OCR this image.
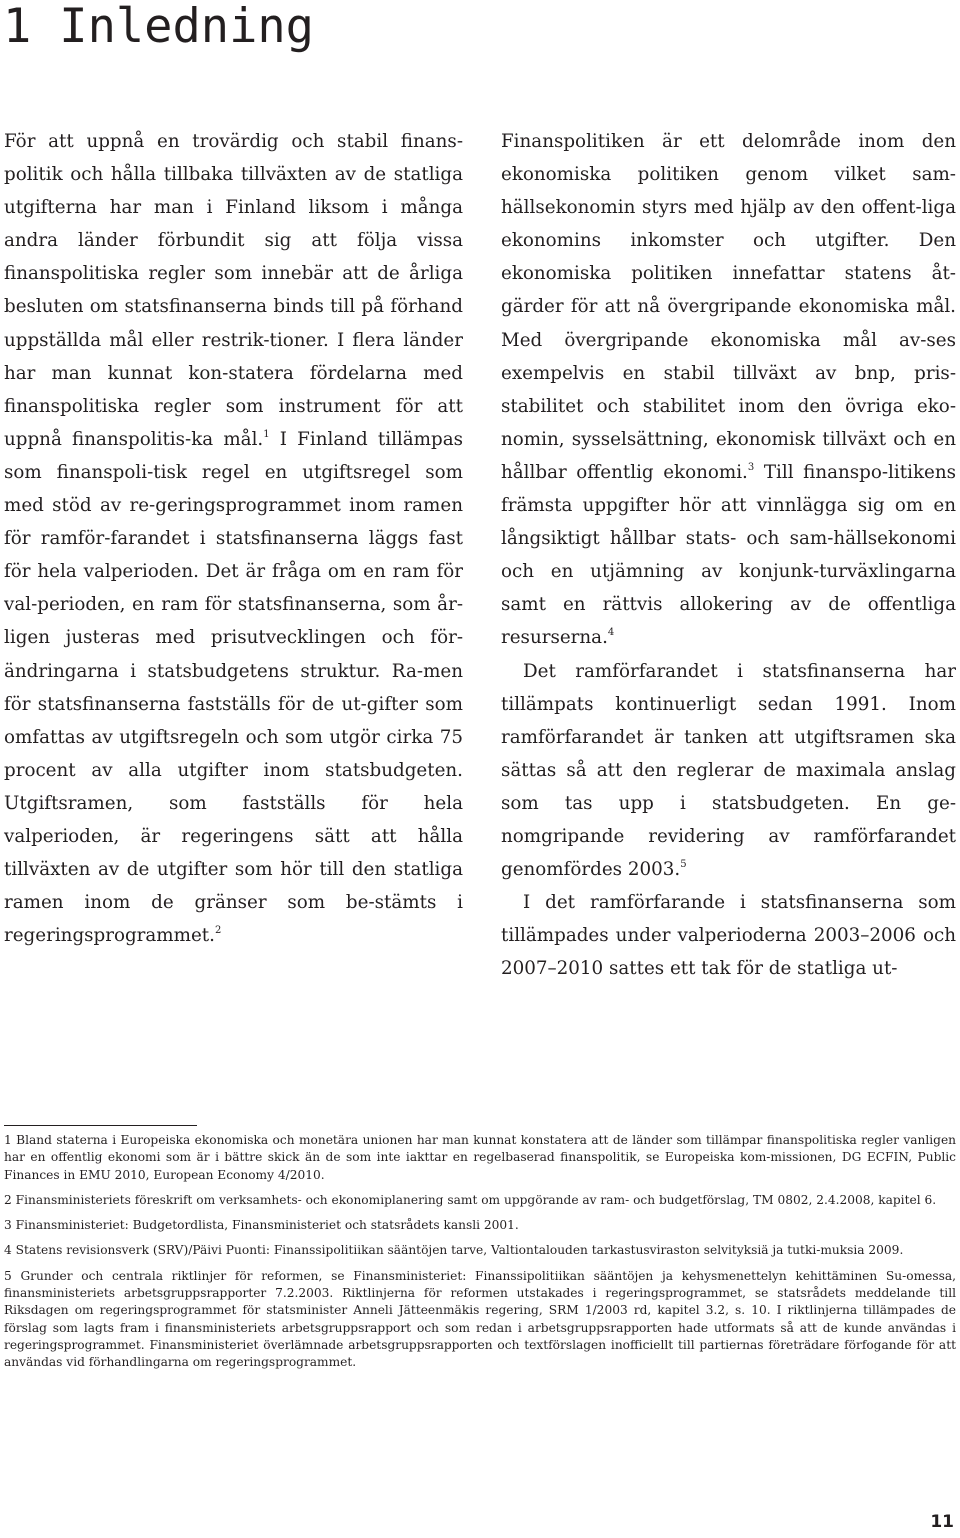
1 Inledning

För att uppnå en trovärdig och stabil finans-politik och hålla tillbaka tillväxten av de statliga utgifterna har man i Finland liksom i många andra länder förbundit sig att följa vissa finanspolitiska regler som innebär att de årliga besluten om statsfinanserna binds till på förhand uppställda mål eller restrik-tioner. I flera länder har man kunnat kon-statera fördelarna med finanspolitiska regler som instrument för att uppnå finanspolitis-ka mål.$^1$ I Finland tillämpas som finanspoli-tisk regel en utgiftsregel som med stöd av re-geringsprogrammet inom ramen för ramför-farandet i statsfinanserna läggs fast för hela valperioden. Det är fråga om en ram för val-perioden, en ram för statsfinanserna, som år-ligen justeras med prisutvecklingen och för-ändringarna i statsbudgetens struktur. Ra-men för statsfinanserna fastställs för de ut-gifter som omfattas av utgiftsregeln och som utgör cirka 75 procent av alla utgifter inom statsbudgeten. Utgiftsramen, som fastställs för hela valperioden, är regeringens sätt att hålla tillväxten av de utgifter som hör till den statliga ramen inom de gränser som be-stämts i regeringsprogrammet.$^2$

Finanspolitiken är ett delområde inom den ekonomiska politiken genom vilket sam-hällsekonomin styrs med hjälp av den offent-liga ekonomins inkomster och utgifter. Den ekonomiska politiken innefattar statens åt-gärder för att nå övergripande ekonomiska mål. Med övergripande ekonomiska mål av-ses exempelvis en stabil tillväxt av bnp, pris-stabilitet och stabilitet inom den övriga eko-nomin, sysselsättning, ekonomisk tillväxt och en hållbar offentlig ekonomi.$^3$ Till finanspo-litikens främsta uppgifter hör att vinnlägga sig om en långsiktigt hållbar stats- och sam-hällsekonomi och en utjämning av konjunk-turväxlingarna samt en rättvis allokering av de offentliga resurserna.$^4$

Det ramförfarandet i statsfinanserna har tillämpats kontinuerligt sedan 1991. Inom ramförfarandet är tanken att utgiftsramen ska sättas så att den reglerar de maximala anslag som tas upp i statsbudgeten. En ge-nomgripande revidering av ramförfarandet genomfördes 2003.$^5$

I det ramförfarande i statsfinanserna som tillämpades under valperioderna 2003–2006 och 2007–2010 sattes ett tak för de statliga ut-

1 Bland staterna i Europeiska ekonomiska och monetära unionen har man kunnat konstatera att de länder som tillämpar finanspolitiska regler vanligen har en offentlig ekonomi som är i bättre skick än de som inte iakttar en regelbaserad finanspolitik, se Europeiska kom-missionen, DG ECFIN, Public Finances in EMU 2010, European Economy 4/2010.

2 Finansministeriets föreskrift om verksamhets- och ekonomiplanering samt om uppgörande av ram- och budgetförslag, TM 0802, 2.4.2008, kapitel 6.

3 Finansministeriet: Budgetordlista, Finansministeriet och statsrådets kansli 2001.

4 Statens revisionsverk (SRV)/Päivi Puonti: Finanssipolitiikan sääntöjen tarve, Valtiontalouden tarkastusviraston selvityksiä ja tutki-muksia 2009.

5 Grunder och centrala riktlinjer för reformen, se Finansministeriet: Finanssipolitiikan sääntöjen ja kehysmenettelyn kehittäminen Su-omessa, finansministeriets arbetsgruppsrapporter 7.2.2003. Riktlinjerna för reformen utstakades i regeringsprogrammet, se statsrådets meddelande till Riksdagen om regeringsprogrammet för statsminister Anneli Jätteenmäkis regering, SRM 1/2003 rd, kapitel 3.2, s. 10. I riktlinjerna tillämpades de förslag som lagts fram i finansministeriets arbetsgruppsrapport och som redan i arbetsgruppsrapporten hade utformats så att de kunde användas i regeringsprogrammet. Finansministeriet överlämnade arbetsgruppsrapporten och textförslagen inofficiellt till partiernas företrädare förfogande för att användas vid förhandlingarna om regeringsprogrammet.

11
